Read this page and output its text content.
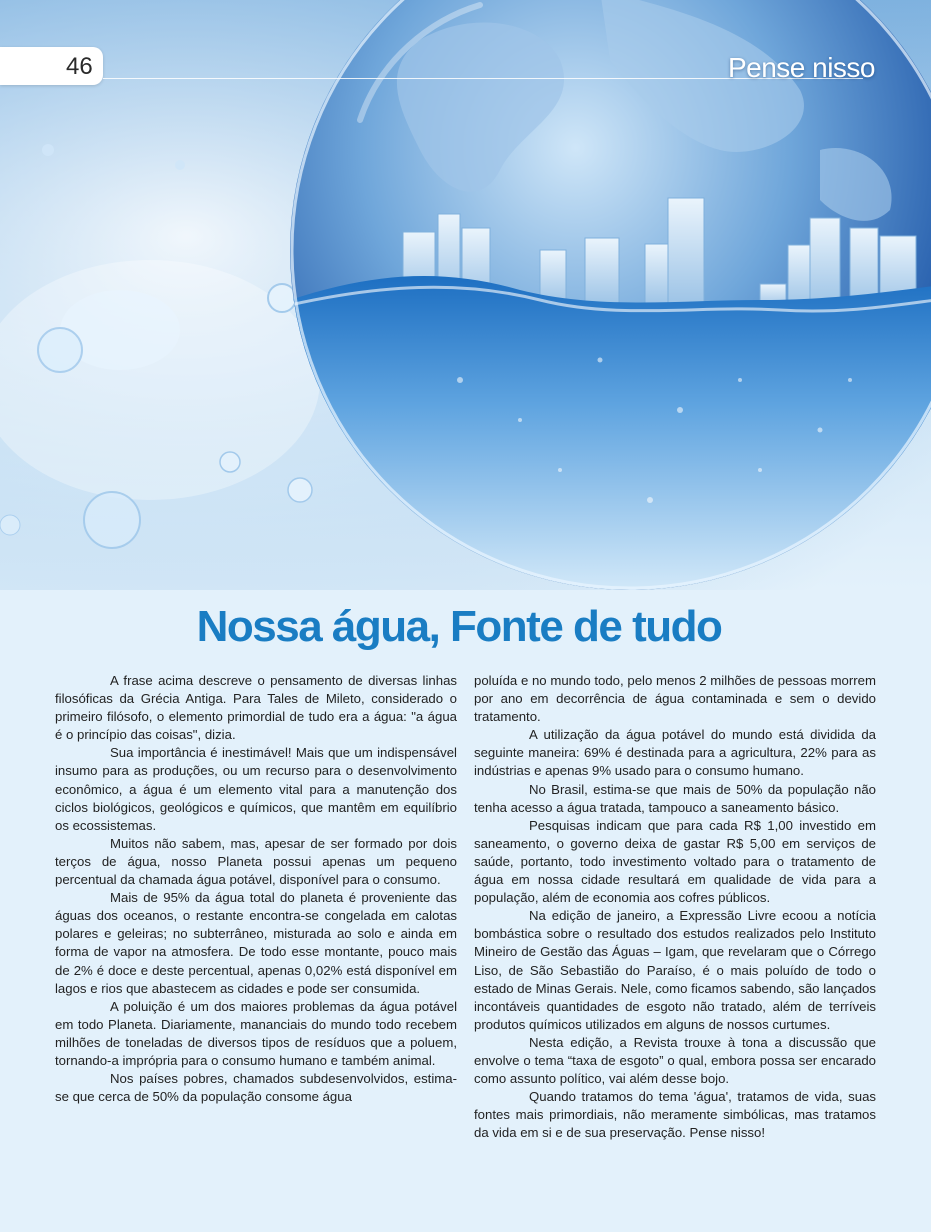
46	Pense nisso
Nossa água, Fonte de tudo

A frase acima descreve o pensamento de diversas linhas filosóficas da Grécia Antiga. Para Tales de Mileto, considerado o primeiro filósofo, o elemento primordial de tudo era a água: "a água é o princípio das coisas", dizia.

Sua importância é inestimável! Mais que um indispensável insumo para as produções, ou um recurso para o desenvolvimento econômico, a água é um elemento vital para a manutenção dos ciclos biológicos, geológicos e químicos, que mantêm em equilíbrio os ecossistemas.

Muitos não sabem, mas, apesar de ser formado por dois terços de água, nosso Planeta possui apenas um pequeno percentual da chamada água potável, disponível para o consumo.

Mais de 95% da água total do planeta é proveniente das águas dos oceanos, o restante encontra-se congelada em calotas polares e geleiras; no subterrâneo, misturada ao solo e ainda em forma de vapor na atmosfera. De todo esse montante, pouco mais de 2% é doce e deste percentual, apenas 0,02% está disponível em lagos e rios que abastecem as cidades e pode ser consumida.

A poluição é um dos maiores problemas da água potável em todo Planeta. Diariamente, mananciais do mundo todo recebem milhões de toneladas de diversos tipos de resíduos que a poluem, tornando-a imprópria para o consumo humano e também animal.

Nos países pobres, chamados subdesenvolvidos, estima-se que cerca de 50% da população consome água

poluída e no mundo todo, pelo menos 2 milhões de pessoas morrem por ano em decorrência de água contaminada e sem o devido tratamento.

A utilização da água potável do mundo está dividida da seguinte maneira: 69% é destinada para a agricultura, 22% para as indústrias e apenas 9% usado para o consumo humano.

No Brasil, estima-se que mais de 50% da população não tenha acesso a água tratada, tampouco a saneamento básico.

Pesquisas indicam que para cada R$ 1,00 investido em saneamento, o governo deixa de gastar R$ 5,00 em serviços de saúde, portanto, todo investimento voltado para o tratamento de água em nossa cidade resultará em qualidade de vida para a população, além de economia aos cofres públicos.

Na edição de janeiro, a Expressão Livre ecoou a notícia bombástica sobre o resultado dos estudos realizados pelo Instituto Mineiro de Gestão das Águas – Igam, que revelaram que o Córrego Liso, de São Sebastião do Paraíso, é o mais poluído de todo o estado de Minas Gerais. Nele, como ficamos sabendo, são lançados incontáveis quantidades de esgoto não tratado, além de terríveis produtos químicos utilizados em alguns de nossos curtumes.

Nesta edição, a Revista trouxe à tona a discussão que envolve o tema “taxa de esgoto” o qual, embora possa ser encarado como assunto político, vai além desse bojo.

Quando tratamos do tema 'água', tratamos de vida, suas fontes mais primordiais, não meramente simbólicas, mas tratamos da vida em si e de sua preservação. Pense nisso!
